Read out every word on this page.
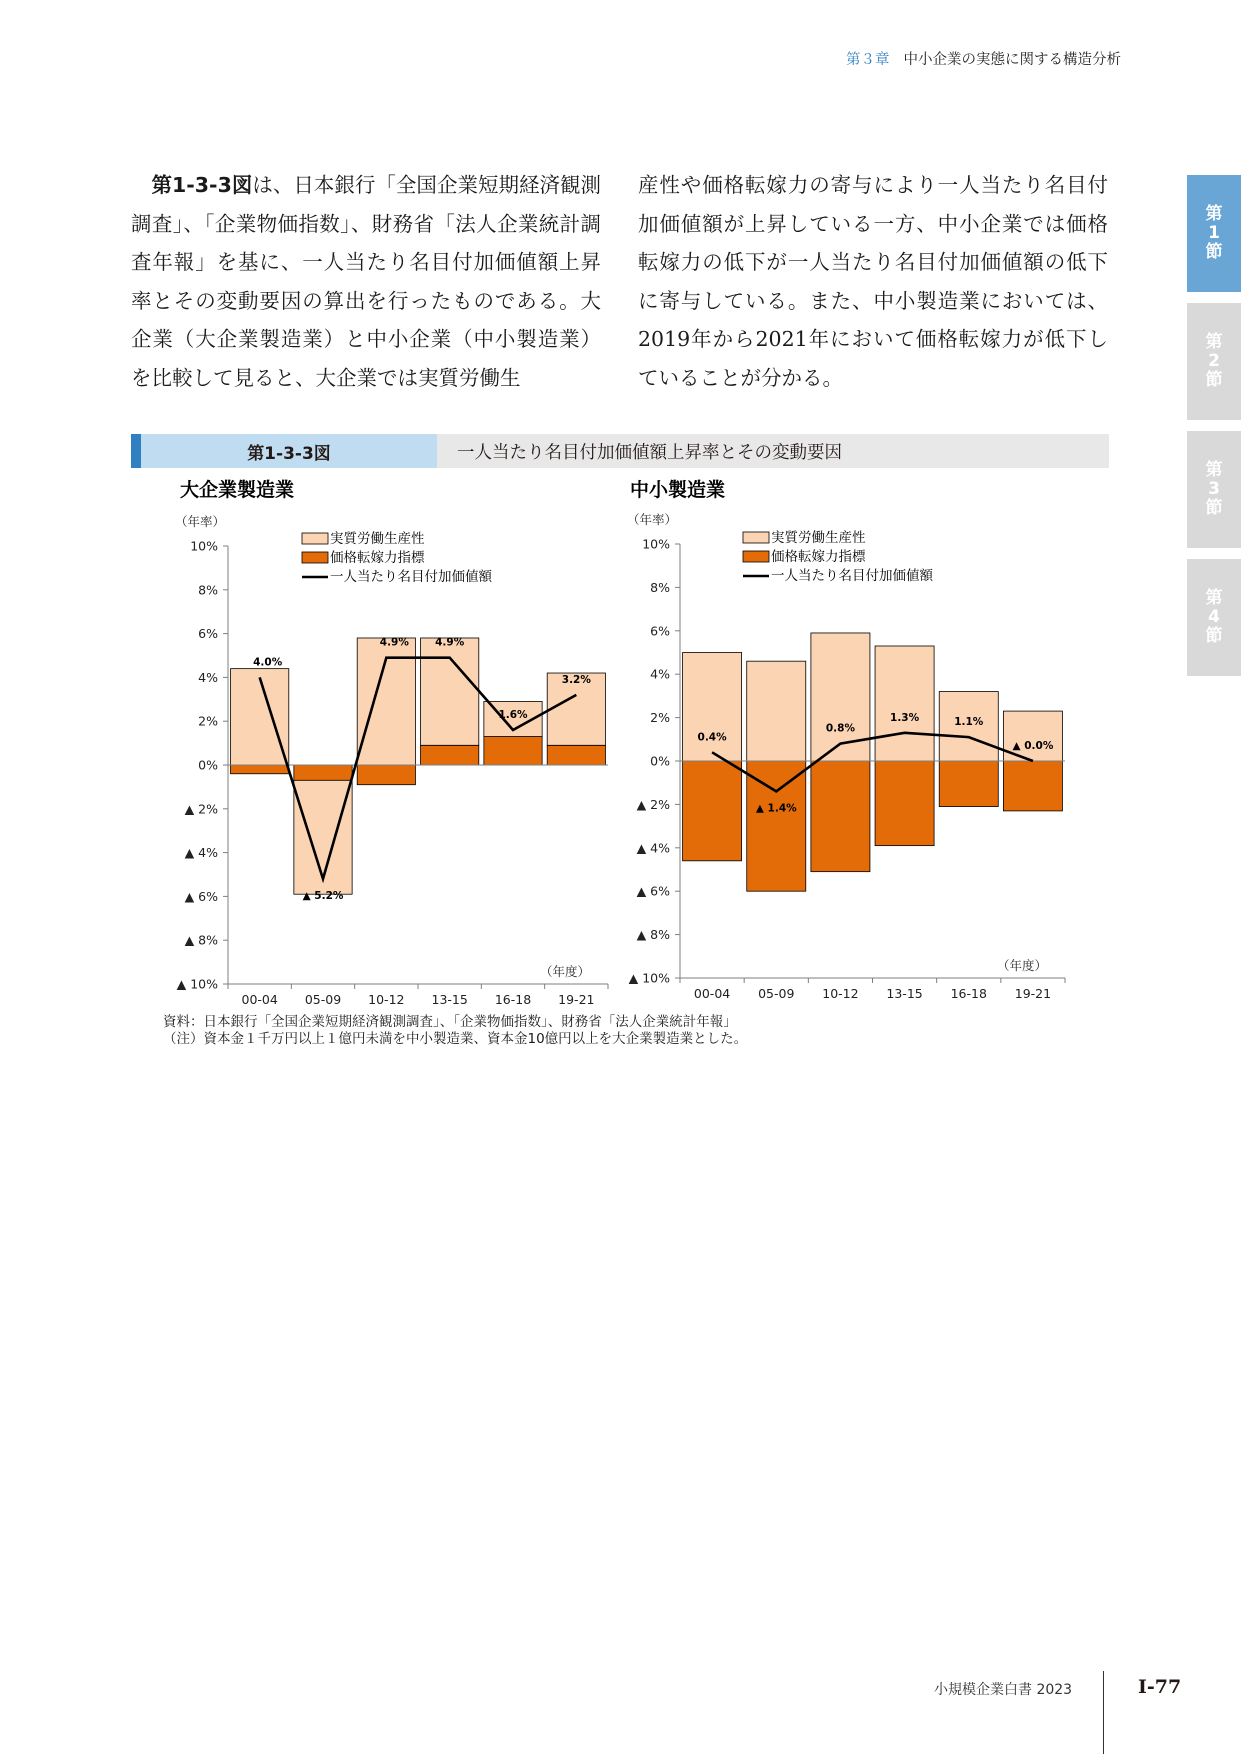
第３章 中小企業の実態に関する構造分析

　第1-3-3図は、日本銀行「全国企業短期経済観測調査」、「企業物価指数」、財務省「法人企業統計調査年報」を基に、一人当たり名目付加価値額上昇率とその変動要因の算出を行ったものである。大企業（大企業製造業）と中小企業（中小製造業）を比較して見ると、大企業では実質労働生

産性や価格転嫁力の寄与により一人当たり名目付加価値額が上昇している一方、中小企業では価格転嫁力の低下が一人当たり名目付加価値額の低下に寄与している。また、中小製造業においては、2019年から2021年において価格転嫁力が低下していることが分かる。

第1節
第2節
第3節
第4節
第1-3-3図	一人当たり名目付加価値額上昇率とその変動要因
大企業製造業
（年率）
（年度）
10%
8%
6%
4%
2%
0%
▲ 2%
▲ 4%
▲ 6%
▲ 8%
▲ 10%
00-04 05-09 10-12 13-15 16-18 19-21
4.0%
▲ 5.2%
4.9% 4.9%
1.6%
3.2%
実質労働生産性
価格転嫁力指標
一人当たり名目付加価値額
中小製造業
（年率）
（年度）
10%
8%
6%
4%
2%
0%
▲ 2%
▲ 4%
▲ 6%
▲ 8%
▲ 10%
00-04 05-09 10-12 13-15 16-18 19-21
0.4%
▲ 1.4%
0.8%
1.3%	1.1%
▲ 0.0%
実質労働生産性
価格転嫁力指標
一人当たり名目付加価値額
資料：日本銀行「全国企業短期経済観測調査」、「企業物価指数」、財務省「法人企業統計年報」
（注）資本金１千万円以上１億円未満を中小製造業、資本金10億円以上を大企業製造業とした。
小規模企業白書 2023	Ⅰ-77
